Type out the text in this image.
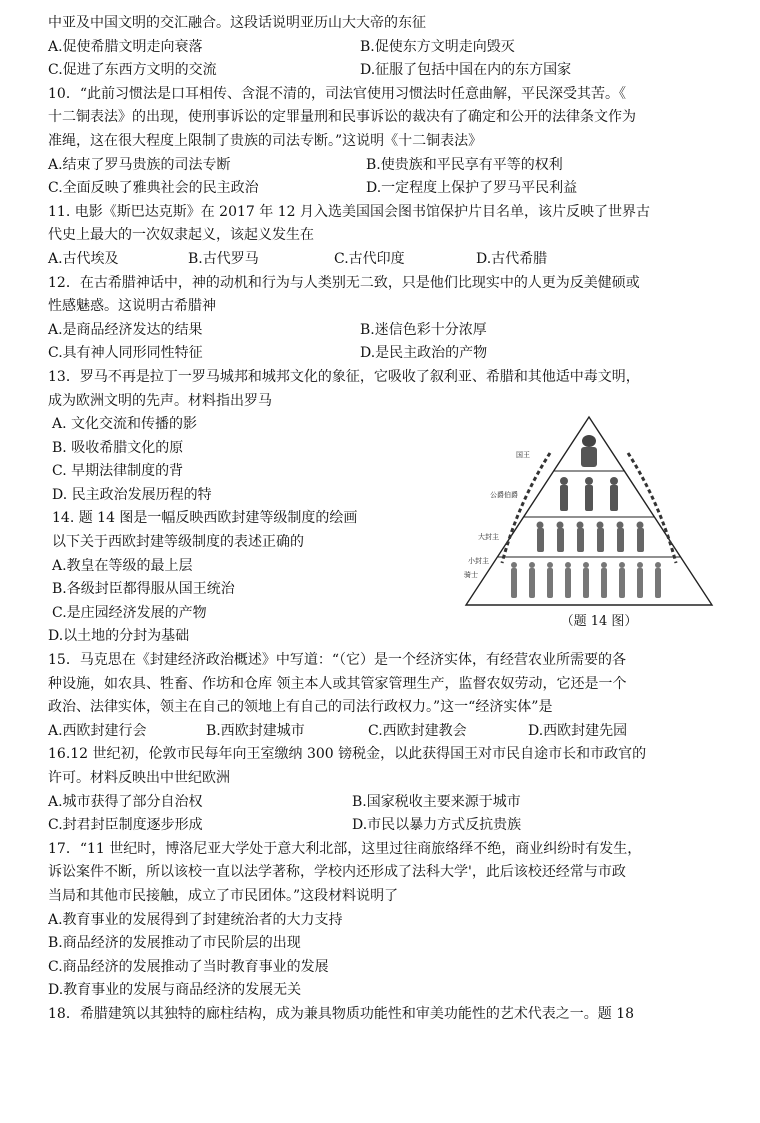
中亚及中国文明的交汇融合。这段话说明亚历山大大帝的东征
A.促使希腊文明走向衰落	B.促使东方文明走向毁灭
C.促进了东西方文明的交流	D.征服了包括中国在内的东方国家
10．“此前习惯法是口耳相传、含混不清的，司法官使用习惯法时任意曲解，平民深受其苦。《
十二铜表法》的出现，使刑事诉讼的定罪量刑和民事诉讼的裁决有了确定和公开的法律条文作为
准绳，这在很大程度上限制了贵族的司法专断。”这说明《十二铜表法》
A.结束了罗马贵族的司法专断	B.使贵族和平民享有平等的权利
C.全面反映了雅典社会的民主政治	D.一定程度上保护了罗马平民利益
11. 电影《斯巴达克斯》在 2017 年 12 月入选美国国会图书馆保护片目名单，该片反映了世界古
代史上最大的一次奴隶起义，该起义发生在
A.古代埃及	B.古代罗马	C.古代印度	D.古代希腊
12．在古希腊神话中，神的动机和行为与人类别无二致，只是他们比现实中的人更为反美健硕或
性感魅惑。这说明古希腊神
A.是商品经济发达的结果	B.迷信色彩十分浓厚
C.具有神人同形同性特征	D.是民主政治的产物
13．罗马不再是拉丁一罗马城邦和城邦文化的象征，它吸收了叙利亚、希腊和其他适中毒文明，
成为欧洲文明的先声。材料指出罗马
A. 文化交流和传播的影
B. 吸收希腊文化的原
C. 早期法律制度的背
D. 民主政治发展历程的特
14. 题 14 图是一幅反映西欧封建等级制度的绘画
以下关于西欧封建等级制度的表述正确的
A.教皇在等级的最上层
B.各级封臣都得服从国王统治
C.是庄园经济发展的产物
D.以土地的分封为基础
国王
公爵伯爵
大封主
骑士
小封主
（题 14 图）
15．马克思在《封建经济政治概述》中写道：“（它）是一个经济实体，有经营农业所需要的各
种设施，如农具、牲畜、作坊和仓库 领主本人或其管家管理生产，监督农奴劳动，它还是一个
政治、法律实体，领主在自己的领地上有自己的司法行政权力。”这一“经济实体”是
A.西欧封建行会	B.西欧封建城市	C.西欧封建教会	D.西欧封建先园
16.12 世纪初，伦敦市民每年向王室缴纳 300 镑税金，以此获得国王对市民自途市长和市政官的
许可。材料反映出中世纪欧洲
A.城市获得了部分自治权	B.国家税收主要来源于城市
C.封君封臣制度逐步形成	D.市民以暴力方式反抗贵族
17．“11 世纪时，博洛尼亚大学处于意大利北部，这里过往商旅络绎不绝，商业纠纷时有发生，
诉讼案件不断，所以该校一直以法学著称，学校内还形成了法科大学'，此后该校还经常与市政
当局和其他市民接触，成立了市民团体。”这段材料说明了
A.教育事业的发展得到了封建统治者的大力支持
B.商品经济的发展推动了市民阶层的出现
C.商品经济的发展推动了当时教育事业的发展
D.教育事业的发展与商品经济的发展无关
18．希腊建筑以其独特的廊柱结构，成为兼具物质功能性和审美功能性的艺术代表之一。题 18
